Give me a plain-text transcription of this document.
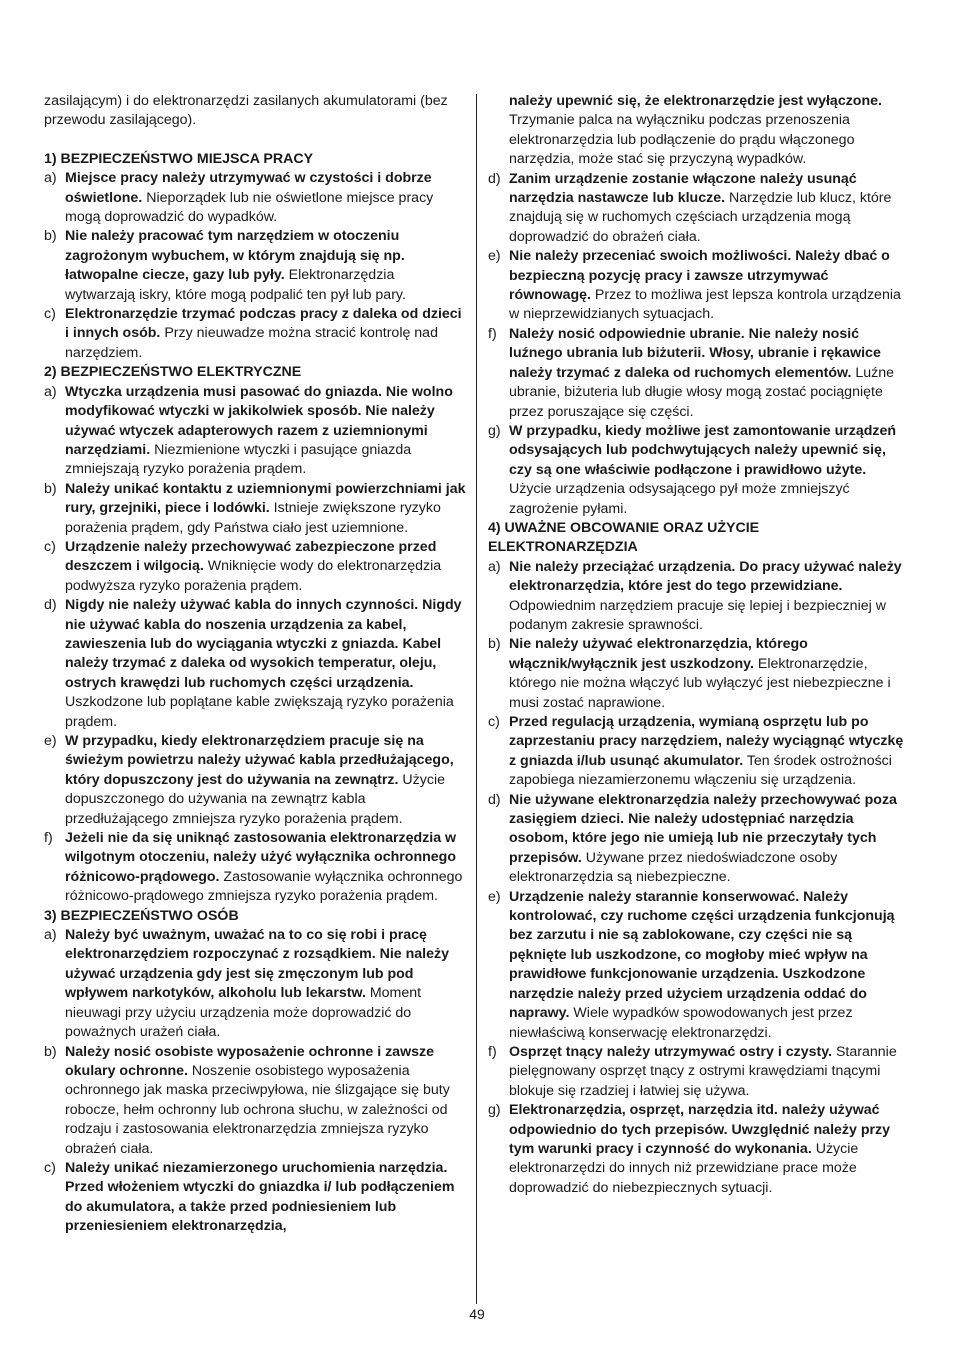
zasilającym) i do elektronarzędzi zasilanych akumulatorami (bez przewodu zasilającego).

1) BEZPIECZEŃSTWO MIEJSCA PRACY

a) Miejsce pracy należy utrzymywać w czystości i dobrze oświetlone. Nieporządek lub nie oświetlone miejsce pracy mogą doprowadzić do wypadków.
b) Nie należy pracować tym narzędziem w otoczeniu zagrożonym wybuchem, w którym znajdują się np. łatwopalne ciecze, gazy lub pyły. Elektronarzędzia wytwarzają iskry, które mogą podpalić ten pył lub pary.
c) Elektronarzędzie trzymać podczas pracy z daleka od dzieci i innych osób. Przy nieuwadze można stracić kontrolę nad narzędziem.

2) BEZPIECZEŃSTWO ELEKTRYCZNE

a) Wtyczka urządzenia musi pasować do gniazda. Nie wolno modyfikować wtyczki w jakikolwiek sposób. Nie należy używać wtyczek adapterowych razem z uziemnionymi narzędziami. Niezmienione wtyczki i pasujące gniazda zmniejszają ryzyko porażenia prądem.
b) Należy unikać kontaktu z uziemnionymi powierzchniami jak rury, grzejniki, piece i lodówki. Istnieje zwiększone ryzyko porażenia prądem, gdy Państwa ciało jest uziemnione.
c) Urządzenie należy przechowywać zabezpieczone przed deszczem i wilgocią. Wniknięcie wody do elektronarzędzia podwyższa ryzyko porażenia prądem.
d) Nigdy nie należy używać kabla do innych czynności. Nigdy nie używać kabla do noszenia urządzenia za kabel, zawieszenia lub do wyciągania wtyczki z gniazda. Kabel należy trzymać z daleka od wysokich temperatur, oleju, ostrych krawędzi lub ruchomych części urządzenia. Uszkodzone lub poplątane kable zwiększają ryzyko porażenia prądem.
e) W przypadku, kiedy elektronarzędziem pracuje się na świeżym powietrzu należy używać kabla przedłużającego, który dopuszczony jest do używania na zewnątrz. Użycie dopuszczonego do używania na zewnątrz kabla przedłużającego zmniejsza ryzyko porażenia prądem.
f) Jeżeli nie da się uniknąć zastosowania elektronarzędzia w wilgotnym otoczeniu, należy użyć wyłącznika ochronnego różnicowo-prądowego. Zastosowanie wyłącznika ochronnego różnicowo-prądowego zmniejsza ryzyko porażenia prądem.

3) BEZPIECZEŃSTWO OSÓB

a) Należy być uważnym, uważać na to co się robi i pracę elektronarzędziem rozpoczynać z rozsądkiem. Nie należy używać urządzenia gdy jest się zmęczonym lub pod wpływem narkotyków, alkoholu lub lekarstw. Moment nieuwagi przy użyciu urządzenia może doprowadzić do poważnych urażeń ciała.
b) Należy nosić osobiste wyposażenie ochronne i zawsze okulary ochronne. Noszenie osobistego wyposażenia ochronnego jak maska przeciwpyłowa, nie ślizgające się buty robocze, hełm ochronny lub ochrona słuchu, w zależności od rodzaju i zastosowania elektronarzędzia zmniejsza ryzyko obrażeń ciała.
c) Należy unikać niezamierzonego uruchomienia narzędzia. Przed włożeniem wtyczki do gniazdka i/ lub podłączeniem do akumulatora, a także przed podniesieniem lub przeniesieniem elektronarzędzia,
należy upewnić się, że elektronarzędzie jest wyłączone. Trzymanie palca na wyłączniku podczas przenoszenia elektronarzędzia lub podłączenie do prądu włączonego narzędzia, może stać się przyczyną wypadków.
d) Zanim urządzenie zostanie włączone należy usunąć narzędzia nastawcze lub klucze. Narzędzie lub klucz, które znajdują się w ruchomych częściach urządzenia mogą doprowadzić do obrażeń ciała.
e) Nie należy przeceniać swoich możliwości. Należy dbać o bezpieczną pozycję pracy i zawsze utrzymywać równowagę. Przez to możliwa jest lepsza kontrola urządzenia w nieprzewidzianych sytuacjach.
f) Należy nosić odpowiednie ubranie. Nie należy nosić luźnego ubrania lub biżuterii. Włosy, ubranie i rękawice należy trzymać z daleka od ruchomych elementów. Luźne ubranie, biżuteria lub długie włosy mogą zostać pociągnięte przez poruszające się części.
g) W przypadku, kiedy możliwe jest zamontowanie urządzeń odsysających lub podchwytujących należy upewnić się, czy są one właściwie podłączone i prawidłowo użyte. Użycie urządzenia odsysającego pył może zmniejszyć zagrożenie pyłami.

4) UWAŻNE OBCOWANIE ORAZ UŻYCIE ELEKTRONARZĘDZIA

a) Nie należy przeciążać urządzenia. Do pracy używać należy elektronarzędzia, które jest do tego przewidziane. Odpowiednim narzędziem pracuje się lepiej i bezpieczniej w podanym zakresie sprawności.
b) Nie należy używać elektronarzędzia, którego włącznik/wyłącznik jest uszkodzony. Elektronarzędzie, którego nie można włączyć lub wyłączyć jest niebezpieczne i musi zostać naprawione.
c) Przed regulacją urządzenia, wymianą osprzętu lub po zaprzestaniu pracy narzędziem, należy wyciągnąć wtyczkę z gniazda i/lub usunąć akumulator. Ten środek ostrożności zapobiega niezamierzonemu włączeniu się urządzenia.
d) Nie używane elektronarzędzia należy przechowywać poza zasięgiem dzieci. Nie należy udostępniać narzędzia osobom, które jego nie umieją lub nie przeczytały tych przepisów. Używane przez niedoświadczone osoby elektronarzędzia są niebezpieczne.
e) Urządzenie należy starannie konserwować. Należy kontrolować, czy ruchome części urządzenia funkcjonują bez zarzutu i nie są zablokowane, czy części nie są pęknięte lub uszkodzone, co mogłoby mieć wpływ na prawidłowe funkcjonowanie urządzenia. Uszkodzone narzędzie należy przed użyciem urządzenia oddać do naprawy. Wiele wypadków spowodowanych jest przez niewłaściwą konserwację elektronarzędzi.
f) Osprzęt tnący należy utrzymywać ostry i czysty. Starannie pielęgnowany osprzęt tnący z ostrymi krawędziami tnącymi blokuje się rzadziej i łatwiej się używa.
g) Elektronarzędzia, osprzęt, narzędzia itd. należy używać odpowiednio do tych przepisów. Uwzględnić należy przy tym warunki pracy i czynność do wykonania. Użycie elektronarzędzi do innych niż przewidziane prace może doprowadzić do niebezpiecznych sytuacji.
49
